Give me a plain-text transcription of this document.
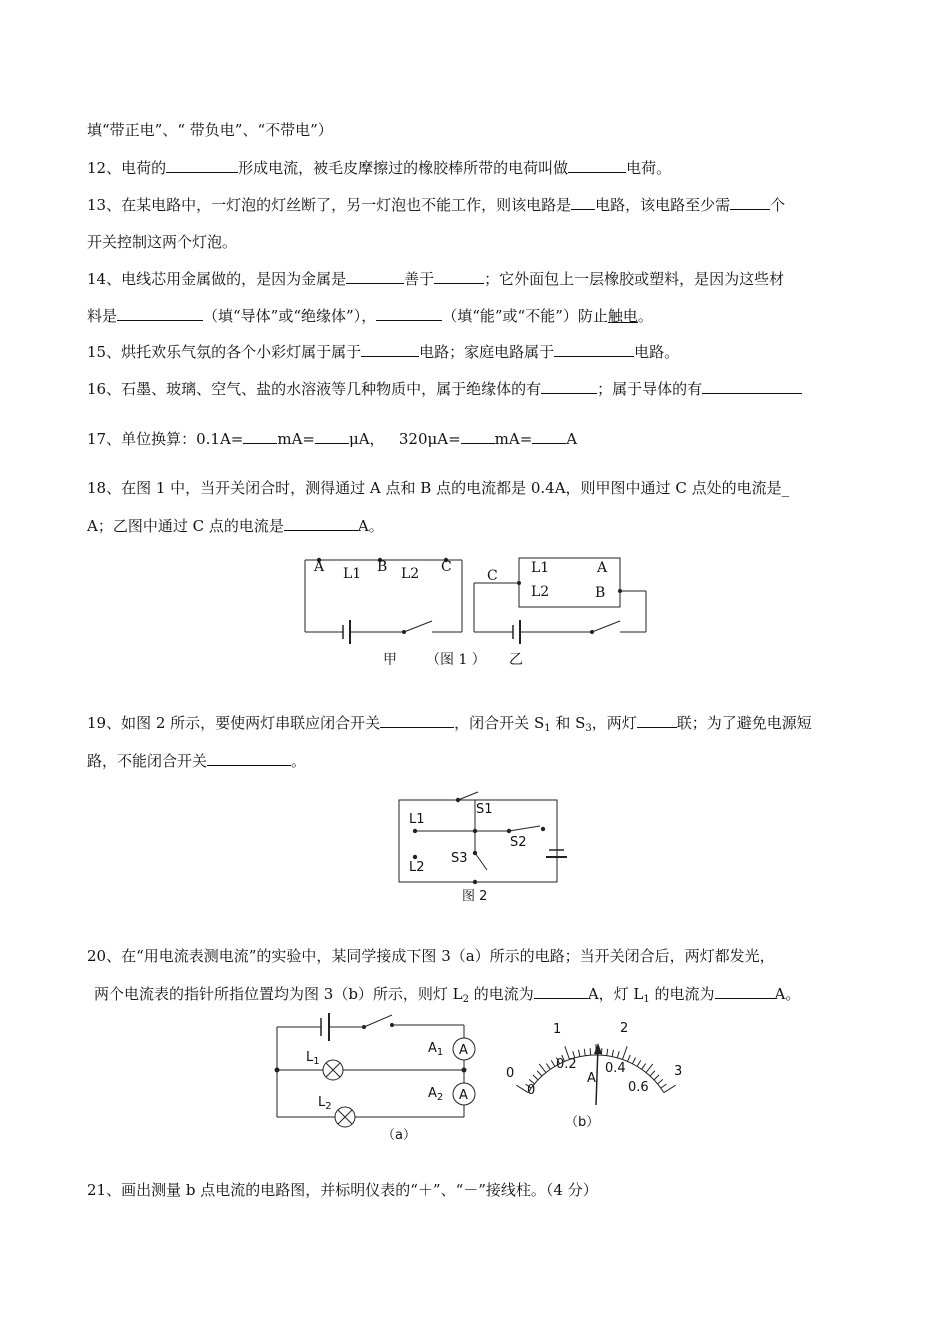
填“带正电”、“ 带负电”、“不带电”）
12、电荷的	形成电流，被毛皮摩擦过的橡胶棒所带的电荷叫做	电荷。
13、在某电路中，一灯泡的灯丝断了，另一灯泡也不能工作，则该电路是 电路，该电路至少需	个
开关控制这两个灯泡。
14、电线芯用金属做的，是因为金属是	善于	；它外面包上一层橡胶或塑料，是因为这些材
料是	（填“导体”或“绝缘体”），	（填“能”或“不能”）防止触电。
15、烘托欢乐气氛的各个小彩灯属于属于	电路；家庭电路属于	电路。
16、石墨、玻璃、空气、盐的水溶液等几种物质中，属于绝缘体的有	；属于导体的有
17、单位换算：0.1A= mA= μA， 320μA= mA= A
18、在图 1 中，当开关闭合时，测得通过 A 点和 B 点的电流都是 0.4A，则甲图中通过 C 点处的电流是_
A；乙图中通过 C 点的电流是	A。
19、如图 2 所示，要使两灯串联应闭合开关	，闭合开关 $S_1$ 和 $S_3$，两灯	联；为了避免电源短
路，不能闭合开关	。
20、在“用电流表测电流”的实验中，某同学接成下图 3（a）所示的电路；当开关闭合后，两灯都发光，
两个电流表的指针所指位置均为图 3（b）所示，则灯 $L_2$ 的电流为	A，灯 $L_1$ 的电流为	A。
21、画出测量 b 点电流的电路图，并标明仪表的“＋”、“－”接线柱。（4 分）
A	B	C
L1	L2	C L1
L2
A
B
甲 （图 1 ） 乙
L1
L2
S1
S2
S3
图 2
A
A
$L_1$
$L_2$
$A_1$
$A_2$
（a）
0
1	2
3
0
0.2 0.4
0.6
A
（b）
